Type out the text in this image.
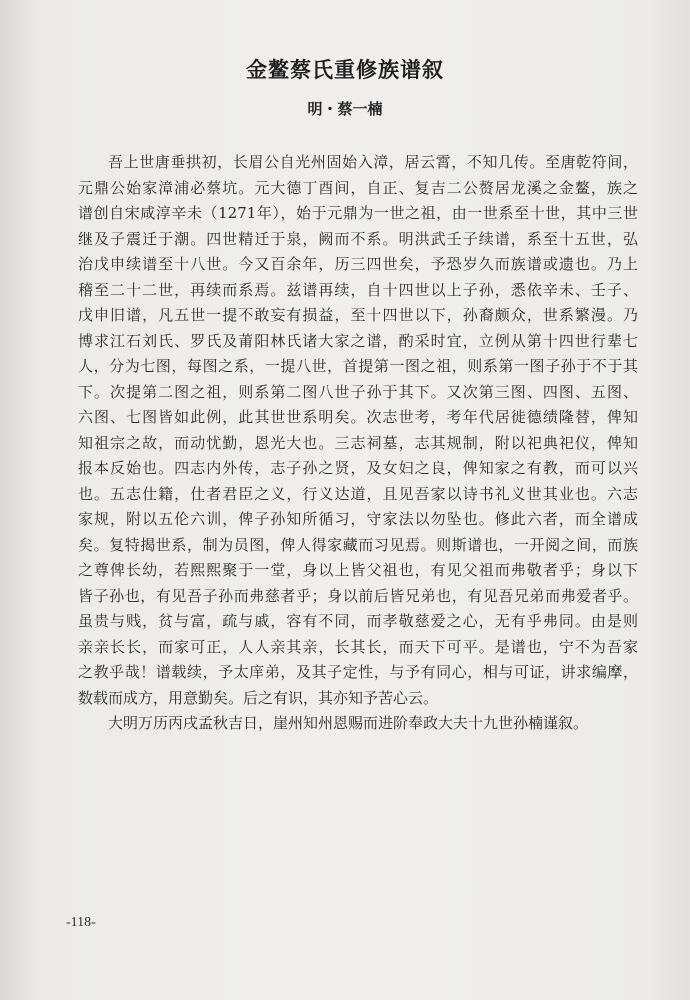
金鳌蔡氏重修族谱叙
明・蔡一楠
吾上世唐垂拱初，长眉公自光州固始入漳，居云霄，不知几传。至唐乾符间，
元鼎公始家漳浦必蔡坑。元大德丁酉间，自正、复吉二公赘居龙溪之金鳌，族之
谱创自宋咸淳辛未（1271年），始于元鼎为一世之祖，由一世系至十世，其中三世
继及子震迁于潮。四世精迁于泉，阙而不系。明洪武壬子续谱，系至十五世，弘
治戊申续谱至十八世。今又百余年，历三四世矣，予恐岁久而族谱或遗也。乃上
稽至二十二世，再续而系焉。兹谱再续，自十四世以上子孙，悉依辛未、壬子、
戊申旧谱，凡五世一提不敢妄有损益，至十四世以下，孙裔颇众，世系繁漫。乃
博求江石刘氏、罗氏及莆阳林氏诸大家之谱，酌采时宜，立例从第十四世行辈七
人，分为七图，每图之系，一提八世，首提第一图之祖，则系第一图子孙于不于其
下。次提第二图之祖，则系第二图八世子孙于其下。又次第三图、四图、五图、
六图、七图皆如此例，此其世世系明矣。次志世考，考年代居徙德绩隆替，俾知
知祖宗之故，而动忧勤，恩光大也。三志祠墓，志其规制，附以祀典祀仪，俾知
报本反始也。四志内外传，志子孙之贤，及女妇之良，俾知家之有教，而可以兴
也。五志仕籍，仕者君臣之义，行义达道，且见吾家以诗书礼义世其业也。六志
家规，附以五伦六训，俾子孙知所循习，守家法以勿坠也。修此六者，而全谱成
矣。复特揭世系，制为员图，俾人得家藏而习见焉。则斯谱也，一开阅之间，而族
之尊俾长幼，若熙熙聚于一堂，身以上皆父祖也，有见父祖而弗敬者乎；身以下
皆子孙也，有见吾子孙而弗慈者乎；身以前后皆兄弟也，有见吾兄弟而弗爱者乎。
虽贵与贱，贫与富，疏与戚，容有不同，而孝敬慈爱之心，无有乎弗同。由是则
亲亲长长，而家可正，人人亲其亲，长其长，而天下可平。是谱也，宁不为吾家
之教乎哉！谱载续，予太庠弟，及其子定性，与予有同心，相与可证，讲求编摩，
数载而成方，用意勤矣。后之有识，其亦知予苦心云。
大明万历丙戌孟秋吉日，崖州知州恩赐而进阶奉政大夫十九世孙楠谨叙。
-118-
